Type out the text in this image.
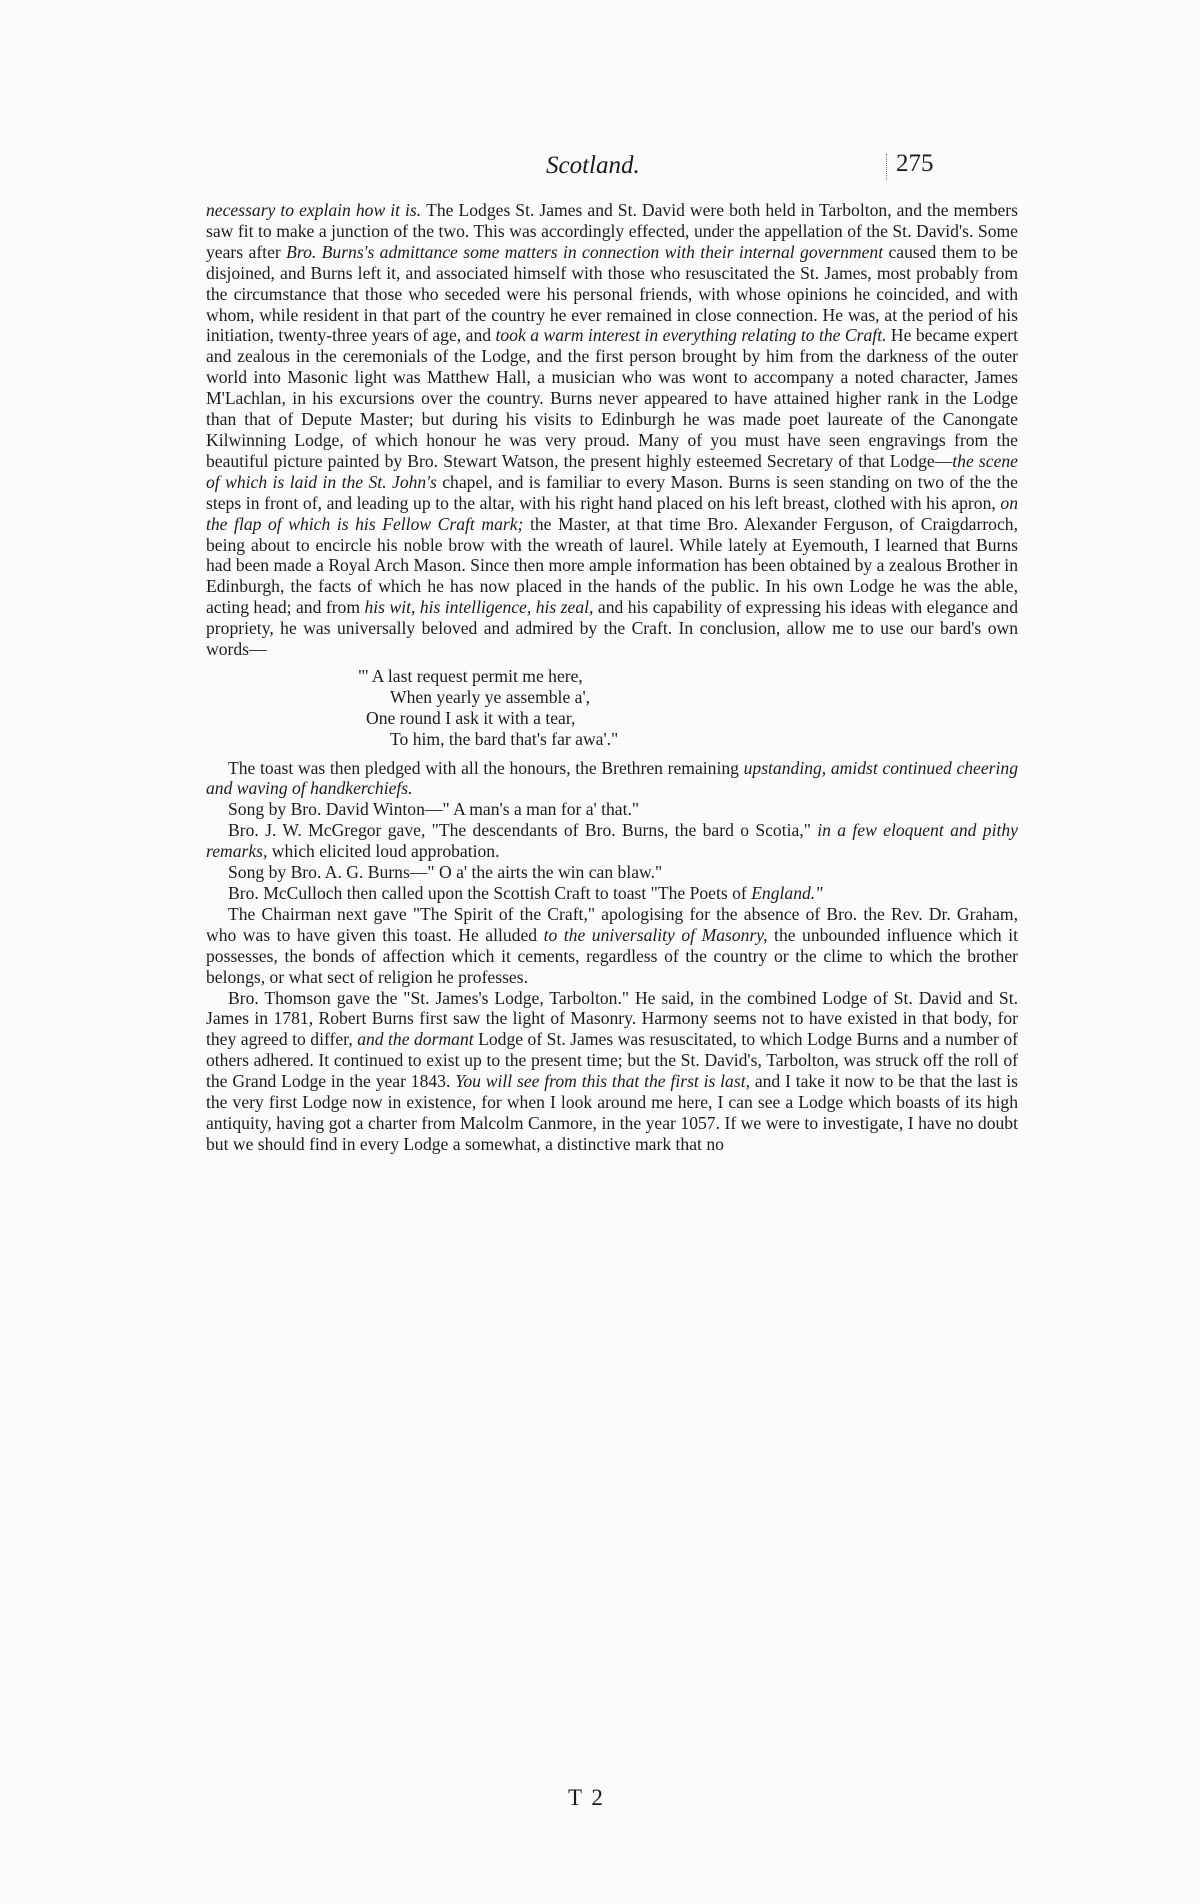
Scotland.	275

necessary to explain how it is. The Lodges St. James and St. David were both held in Tarbolton, and the members saw fit to make a junction of the two. This was accordingly effected, under the appellation of the St. David's. Some years after Bro. Burns's admittance some matters in connection with their internal government caused them to be disjoined, and Burns left it, and associated himself with those who resuscitated the St. James, most probably from the circumstance that those who seceded were his personal friends, with whose opinions he coincided, and with whom, while resident in that part of the country he ever remained in close connection. He was, at the period of his initiation, twenty-three years of age, and took a warm interest in everything relating to the Craft. He became expert and zealous in the ceremonials of the Lodge, and the first person brought by him from the darkness of the outer world into Masonic light was Matthew Hall, a musician who was wont to accompany a noted character, James M'Lachlan, in his excursions over the country. Burns never appeared to have attained higher rank in the Lodge than that of Depute Master; but during his visits to Edinburgh he was made poet laureate of the Canongate Kilwinning Lodge, of which honour he was very proud. Many of you must have seen engravings from the beautiful picture painted by Bro. Stewart Watson, the present highly esteemed Secretary of that Lodge—the scene of which is laid in the St. John's chapel, and is familiar to every Mason. Burns is seen standing on two of the the steps in front of, and leading up to the altar, with his right hand placed on his left breast, clothed with his apron, on the flap of which is his Fellow Craft mark; the Master, at that time Bro. Alexander Ferguson, of Craigdarroch, being about to encircle his noble brow with the wreath of laurel. While lately at Eyemouth, I learned that Burns had been made a Royal Arch Mason. Since then more ample information has been obtained by a zealous Brother in Edinburgh, the facts of which he has now placed in the hands of the public. In his own Lodge he was the able, acting head; and from his wit, his intelligence, his zeal, and his capability of expressing his ideas with elegance and propriety, he was universally beloved and admired by the Craft. In conclusion, allow me to use our bard's own words—

"' A last request permit me here,
When yearly ye assemble a',
One round I ask it with a tear,
To him, the bard that's far awa'."

The toast was then pledged with all the honours, the Brethren remaining upstanding, amidst continued cheering and waving of handkerchiefs.

Song by Bro. David Winton—" A man's a man for a' that."

Bro. J. W. McGregor gave, "The descendants of Bro. Burns, the bard o Scotia," in a few eloquent and pithy remarks, which elicited loud approbation.

Song by Bro. A. G. Burns—" O a' the airts the win can blaw."

Bro. McCulloch then called upon the Scottish Craft to toast "The Poets of England."

The Chairman next gave "The Spirit of the Craft," apologising for the absence of Bro. the Rev. Dr. Graham, who was to have given this toast. He alluded to the universality of Masonry, the unbounded influence which it possesses, the bonds of affection which it cements, regardless of the country or the clime to which the brother belongs, or what sect of religion he professes.

Bro. Thomson gave the "St. James's Lodge, Tarbolton." He said, in the combined Lodge of St. David and St. James in 1781, Robert Burns first saw the light of Masonry. Harmony seems not to have existed in that body, for they agreed to differ, and the dormant Lodge of St. James was resuscitated, to which Lodge Burns and a number of others adhered. It continued to exist up to the present time; but the St. David's, Tarbolton, was struck off the roll of the Grand Lodge in the year 1843. You will see from this that the first is last, and I take it now to be that the last is the very first Lodge now in existence, for when I look around me here, I can see a Lodge which boasts of its high antiquity, having got a charter from Malcolm Canmore, in the year 1057. If we were to investigate, I have no doubt but we should find in every Lodge a somewhat, a distinctive mark that no

T 2
